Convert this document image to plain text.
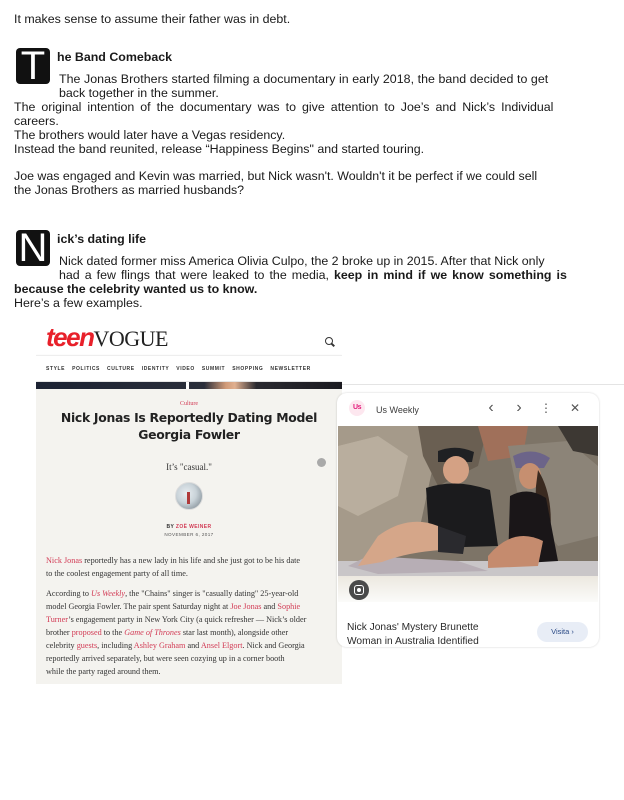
It makes sense to assume their father was in debt.
T he Band Comeback
The Jonas Brothers started filming a documentary in early 2018, the band decided to get
back together in the summer.
The original intention of the documentary was to give attention to Joe’s and Nick’s Individual
careers.
The brothers would later have a Vegas residency.
Instead the band reunited, release “Happiness Begins" and started touring.
Joe was engaged and Kevin was married, but Nick wasn't. Wouldn't it be perfect if we could sell
the Jonas Brothers as married husbands?
N ick’s dating life
Nick dated former miss America Olivia Culpo, the 2 broke up in 2015. After that Nick only
had a few flings that were leaked to the media, keep in mind if we know something is
because the celebrity wanted us to know.
Here’s a few examples.
teen VOGUE
STYLE POLITICS CULTURE IDENTITY VIDEO SUMMIT SHOPPING NEWSLETTER
Culture
Nick Jonas Is Reportedly Dating Model
Georgia Fowler
It’s "casual."
BY ZOË WEINER
NOVEMBER 6, 2017
Nick Jonas reportedly has a new lady in his life and she just got to be his date
to the coolest engagement party of all time.
According to Us Weekly, the "Chains" singer is "casually dating" 25-year-old
model Georgia Fowler. The pair spent Saturday night at Joe Jonas and Sophie
Turner’s engagement party in New York City (a quick refresher — Nick’s older
brother proposed to the Game of Thrones star last month), alongside other
celebrity guests, including Ashley Graham and Ansel Elgort. Nick and Georgia
reportedly arrived separately, but were seen cozying up in a corner booth
while the party raged around them.
Us	Us Weekly	‹	›	⋮ ✕
Nick Jonas' Mystery Brunette
Woman in Australia Identified
Visita ›
